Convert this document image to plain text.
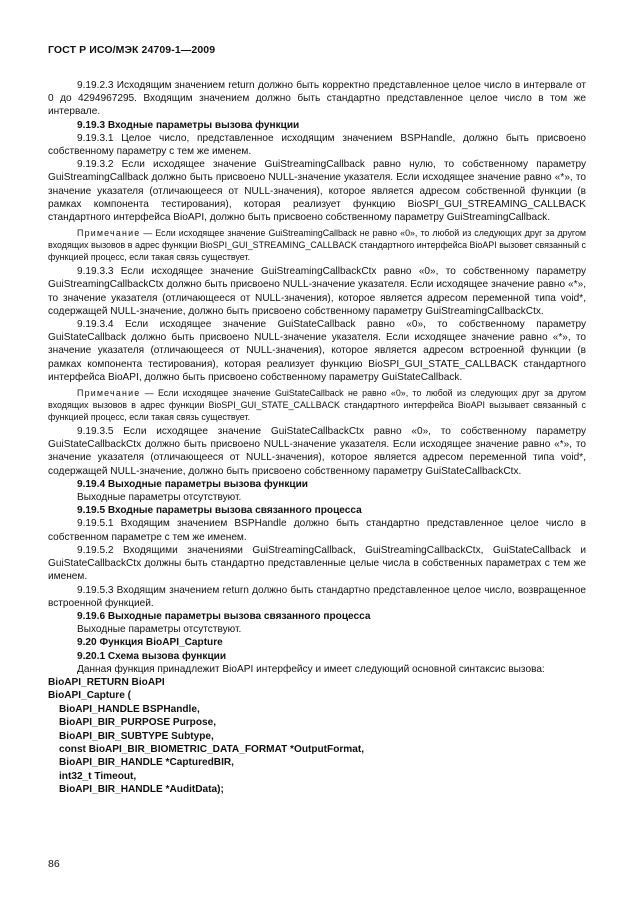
ГОСТ Р ИСО/МЭК 24709-1—2009

9.19.2.3 Исходящим значением return должно быть корректно представленное целое число в интервале от 0 до 4294967295. Входящим значением должно быть стандартно представленное целое число в том же интервале.

9.19.3 Входные параметры вызова функции

9.19.3.1 Целое число, представленное исходящим значением BSPHandle, должно быть присвоено собственному параметру с тем же именем.

9.19.3.2 Если исходящее значение GuiStreamingCallback равно нулю, то собственному параметру GuiStreamingCallback должно быть присвоено NULL-значение указателя. Если исходящее значение равно «*», то значение указателя (отличающееся от NULL-значения), которое является адресом собственной функции (в рамках компонента тестирования), которая реализует функцию BioSPI_GUI_STREAMING_CALLBACK стандартного интерфейса BioAPI, должно быть присвоено собственному параметру GuiStreamingCallback.

Примечание — Если исходящее значение GuiStreamingCallback не равно «0», то любой из следующих друг за другом входящих вызовов в адрес функции BioSPI_GUI_STREAMING_CALLBACK стандартного интерфейса BioAPI вызовет связанный с функцией процесс, если такая связь существует.

9.19.3.3 Если исходящее значение GuiStreamingCallbackCtx равно «0», то собственному параметру GuiStreamingCallbackCtx должно быть присвоено NULL-значение указателя. Если исходящее значение равно «*», то значение указателя (отличающееся от NULL-значения), которое является адресом переменной типа void*, содержащей NULL-значение, должно быть присвоено собственному параметру GuiStreamingCallbackCtx.

9.19.3.4 Если исходящее значение GuiStateCallback равно «0», то собственному параметру GuiStateCallback должно быть присвоено NULL-значение указателя. Если исходящее значение равно «*», то значение указателя (отличающееся от NULL-значения), которое является адресом встроенной функции (в рамках компонента тестирования), которая реализует функцию BioSPI_GUI_STATE_CALLBACK стандартного интерфейса BioAPI, должно быть присвоено собственному параметру GuiStateCallback.

Примечание — Если исходящее значение GuiStateCallback не равно «0», то любой из следующих друг за другом входящих вызовов в адрес функции BioSPI_GUI_STATE_CALLBACK стандартного интерфейса BioAPI вызывает связанный с функцией процесс, если такая связь существует.

9.19.3.5 Если исходящее значение GuiStateCallbackCtx равно «0», то собственному параметру GuiStateCallbackCtx должно быть присвоено NULL-значение указателя. Если исходящее значение равно «*», то значение указателя (отличающееся от NULL-значения), которое является адресом переменной типа void*, содержащей NULL-значение, должно быть присвоено собственному параметру GuiStateCallbackCtx.

9.19.4 Выходные параметры вызова функции

Выходные параметры отсутствуют.

9.19.5 Входные параметры вызова связанного процесса

9.19.5.1 Входящим значением BSPHandle должно быть стандартно представленное целое число в собственном параметре с тем же именем.

9.19.5.2 Входящими значениями GuiStreamingCallback, GuiStreamingCallbackCtx, GuiStateCallback и GuiStateCallbackCtx должны быть стандартно представленные целые числа в собственных параметрах с тем же именем.

9.19.5.3 Входящим значением return должно быть стандартно представленное целое число, возвращенное встроенной функцией.

9.19.6 Выходные параметры вызова связанного процесса

Выходные параметры отсутствуют.

9.20 Функция BioAPI_Capture

9.20.1 Схема вызова функции

Данная функция принадлежит BioAPI интерфейсу и имеет следующий основной синтаксис вызова:

BioAPI_RETURN BioAPI
BioAPI_Capture (
BioAPI_HANDLE BSPHandle,
BioAPI_BIR_PURPOSE Purpose,
BioAPI_BIR_SUBTYPE Subtype,
const BioAPI_BIR_BIOMETRIC_DATA_FORMAT *OutputFormat,
BioAPI_BIR_HANDLE *CapturedBIR,
int32_t Timeout,
BioAPI_BIR_HANDLE *AuditData);
86
